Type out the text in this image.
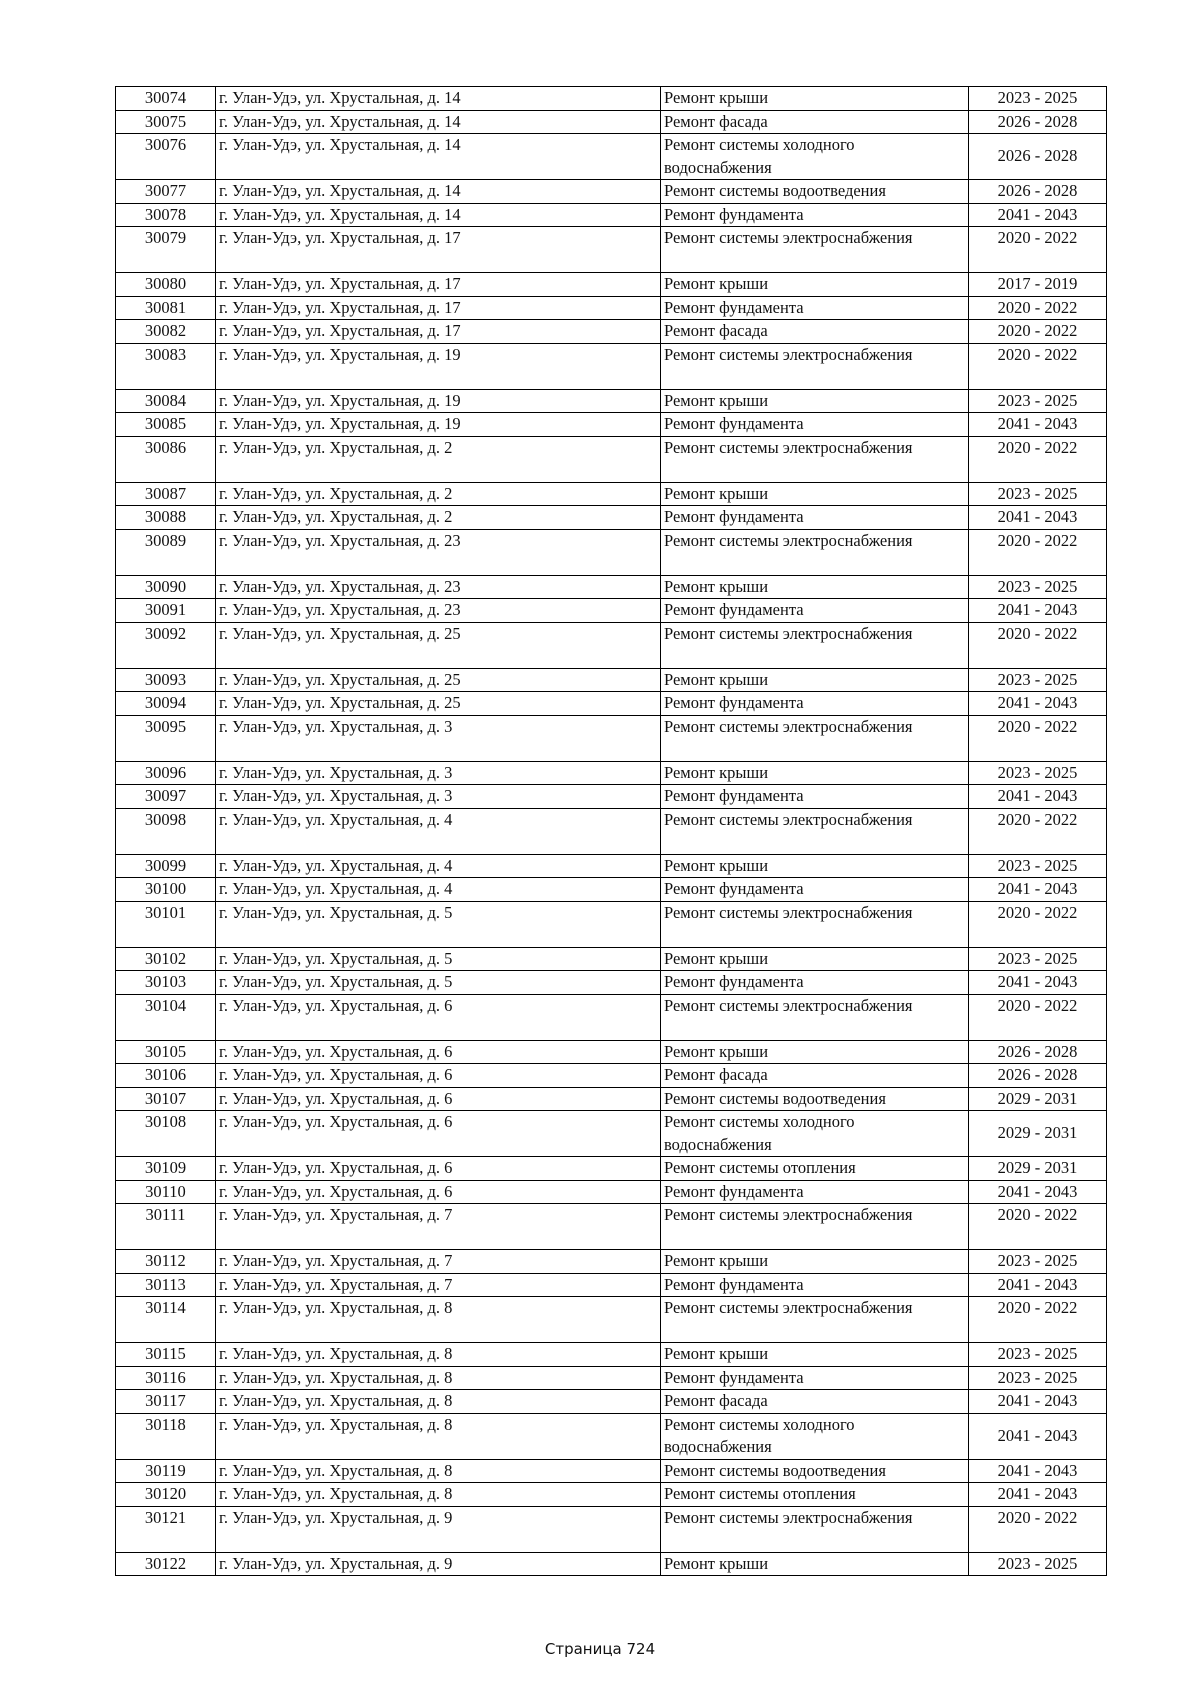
30074	г. Улан-Удэ, ул. Хрустальная, д. 14	Ремонт крыши	2023 - 2025
30075	г. Улан-Удэ, ул. Хрустальная, д. 14	Ремонт фасада	2026 - 2028
30076	г. Улан-Удэ, ул. Хрустальная, д. 14	Ремонт системы холодного водоснабжения	2026 - 2028
30077	г. Улан-Удэ, ул. Хрустальная, д. 14	Ремонт системы водоотведения	2026 - 2028
30078	г. Улан-Удэ, ул. Хрустальная, д. 14	Ремонт фундамента	2041 - 2043
30079	г. Улан-Удэ, ул. Хрустальная, д. 17	Ремонт системы электроснабжения	2020 - 2022
30080	г. Улан-Удэ, ул. Хрустальная, д. 17	Ремонт крыши	2017 - 2019
30081	г. Улан-Удэ, ул. Хрустальная, д. 17	Ремонт фундамента	2020 - 2022
30082	г. Улан-Удэ, ул. Хрустальная, д. 17	Ремонт фасада	2020 - 2022
30083	г. Улан-Удэ, ул. Хрустальная, д. 19	Ремонт системы электроснабжения	2020 - 2022
30084	г. Улан-Удэ, ул. Хрустальная, д. 19	Ремонт крыши	2023 - 2025
30085	г. Улан-Удэ, ул. Хрустальная, д. 19	Ремонт фундамента	2041 - 2043
30086	г. Улан-Удэ, ул. Хрустальная, д. 2	Ремонт системы электроснабжения	2020 - 2022
30087	г. Улан-Удэ, ул. Хрустальная, д. 2	Ремонт крыши	2023 - 2025
30088	г. Улан-Удэ, ул. Хрустальная, д. 2	Ремонт фундамента	2041 - 2043
30089	г. Улан-Удэ, ул. Хрустальная, д. 23	Ремонт системы электроснабжения	2020 - 2022
30090	г. Улан-Удэ, ул. Хрустальная, д. 23	Ремонт крыши	2023 - 2025
30091	г. Улан-Удэ, ул. Хрустальная, д. 23	Ремонт фундамента	2041 - 2043
30092	г. Улан-Удэ, ул. Хрустальная, д. 25	Ремонт системы электроснабжения	2020 - 2022
30093	г. Улан-Удэ, ул. Хрустальная, д. 25	Ремонт крыши	2023 - 2025
30094	г. Улан-Удэ, ул. Хрустальная, д. 25	Ремонт фундамента	2041 - 2043
30095	г. Улан-Удэ, ул. Хрустальная, д. 3	Ремонт системы электроснабжения	2020 - 2022
30096	г. Улан-Удэ, ул. Хрустальная, д. 3	Ремонт крыши	2023 - 2025
30097	г. Улан-Удэ, ул. Хрустальная, д. 3	Ремонт фундамента	2041 - 2043
30098	г. Улан-Удэ, ул. Хрустальная, д. 4	Ремонт системы электроснабжения	2020 - 2022
30099	г. Улан-Удэ, ул. Хрустальная, д. 4	Ремонт крыши	2023 - 2025
30100	г. Улан-Удэ, ул. Хрустальная, д. 4	Ремонт фундамента	2041 - 2043
30101	г. Улан-Удэ, ул. Хрустальная, д. 5	Ремонт системы электроснабжения	2020 - 2022
30102	г. Улан-Удэ, ул. Хрустальная, д. 5	Ремонт крыши	2023 - 2025
30103	г. Улан-Удэ, ул. Хрустальная, д. 5	Ремонт фундамента	2041 - 2043
30104	г. Улан-Удэ, ул. Хрустальная, д. 6	Ремонт системы электроснабжения	2020 - 2022
30105	г. Улан-Удэ, ул. Хрустальная, д. 6	Ремонт крыши	2026 - 2028
30106	г. Улан-Удэ, ул. Хрустальная, д. 6	Ремонт фасада	2026 - 2028
30107	г. Улан-Удэ, ул. Хрустальная, д. 6	Ремонт системы водоотведения	2029 - 2031
30108	г. Улан-Удэ, ул. Хрустальная, д. 6	Ремонт системы холодного водоснабжения	2029 - 2031
30109	г. Улан-Удэ, ул. Хрустальная, д. 6	Ремонт системы отопления	2029 - 2031
30110	г. Улан-Удэ, ул. Хрустальная, д. 6	Ремонт фундамента	2041 - 2043
30111	г. Улан-Удэ, ул. Хрустальная, д. 7	Ремонт системы электроснабжения	2020 - 2022
30112	г. Улан-Удэ, ул. Хрустальная, д. 7	Ремонт крыши	2023 - 2025
30113	г. Улан-Удэ, ул. Хрустальная, д. 7	Ремонт фундамента	2041 - 2043
30114	г. Улан-Удэ, ул. Хрустальная, д. 8	Ремонт системы электроснабжения	2020 - 2022
30115	г. Улан-Удэ, ул. Хрустальная, д. 8	Ремонт крыши	2023 - 2025
30116	г. Улан-Удэ, ул. Хрустальная, д. 8	Ремонт фундамента	2023 - 2025
30117	г. Улан-Удэ, ул. Хрустальная, д. 8	Ремонт фасада	2041 - 2043
30118	г. Улан-Удэ, ул. Хрустальная, д. 8	Ремонт системы холодного водоснабжения	2041 - 2043
30119	г. Улан-Удэ, ул. Хрустальная, д. 8	Ремонт системы водоотведения	2041 - 2043
30120	г. Улан-Удэ, ул. Хрустальная, д. 8	Ремонт системы отопления	2041 - 2043
30121	г. Улан-Удэ, ул. Хрустальная, д. 9	Ремонт системы электроснабжения	2020 - 2022
30122	г. Улан-Удэ, ул. Хрустальная, д. 9	Ремонт крыши	2023 - 2025
Страница 724
